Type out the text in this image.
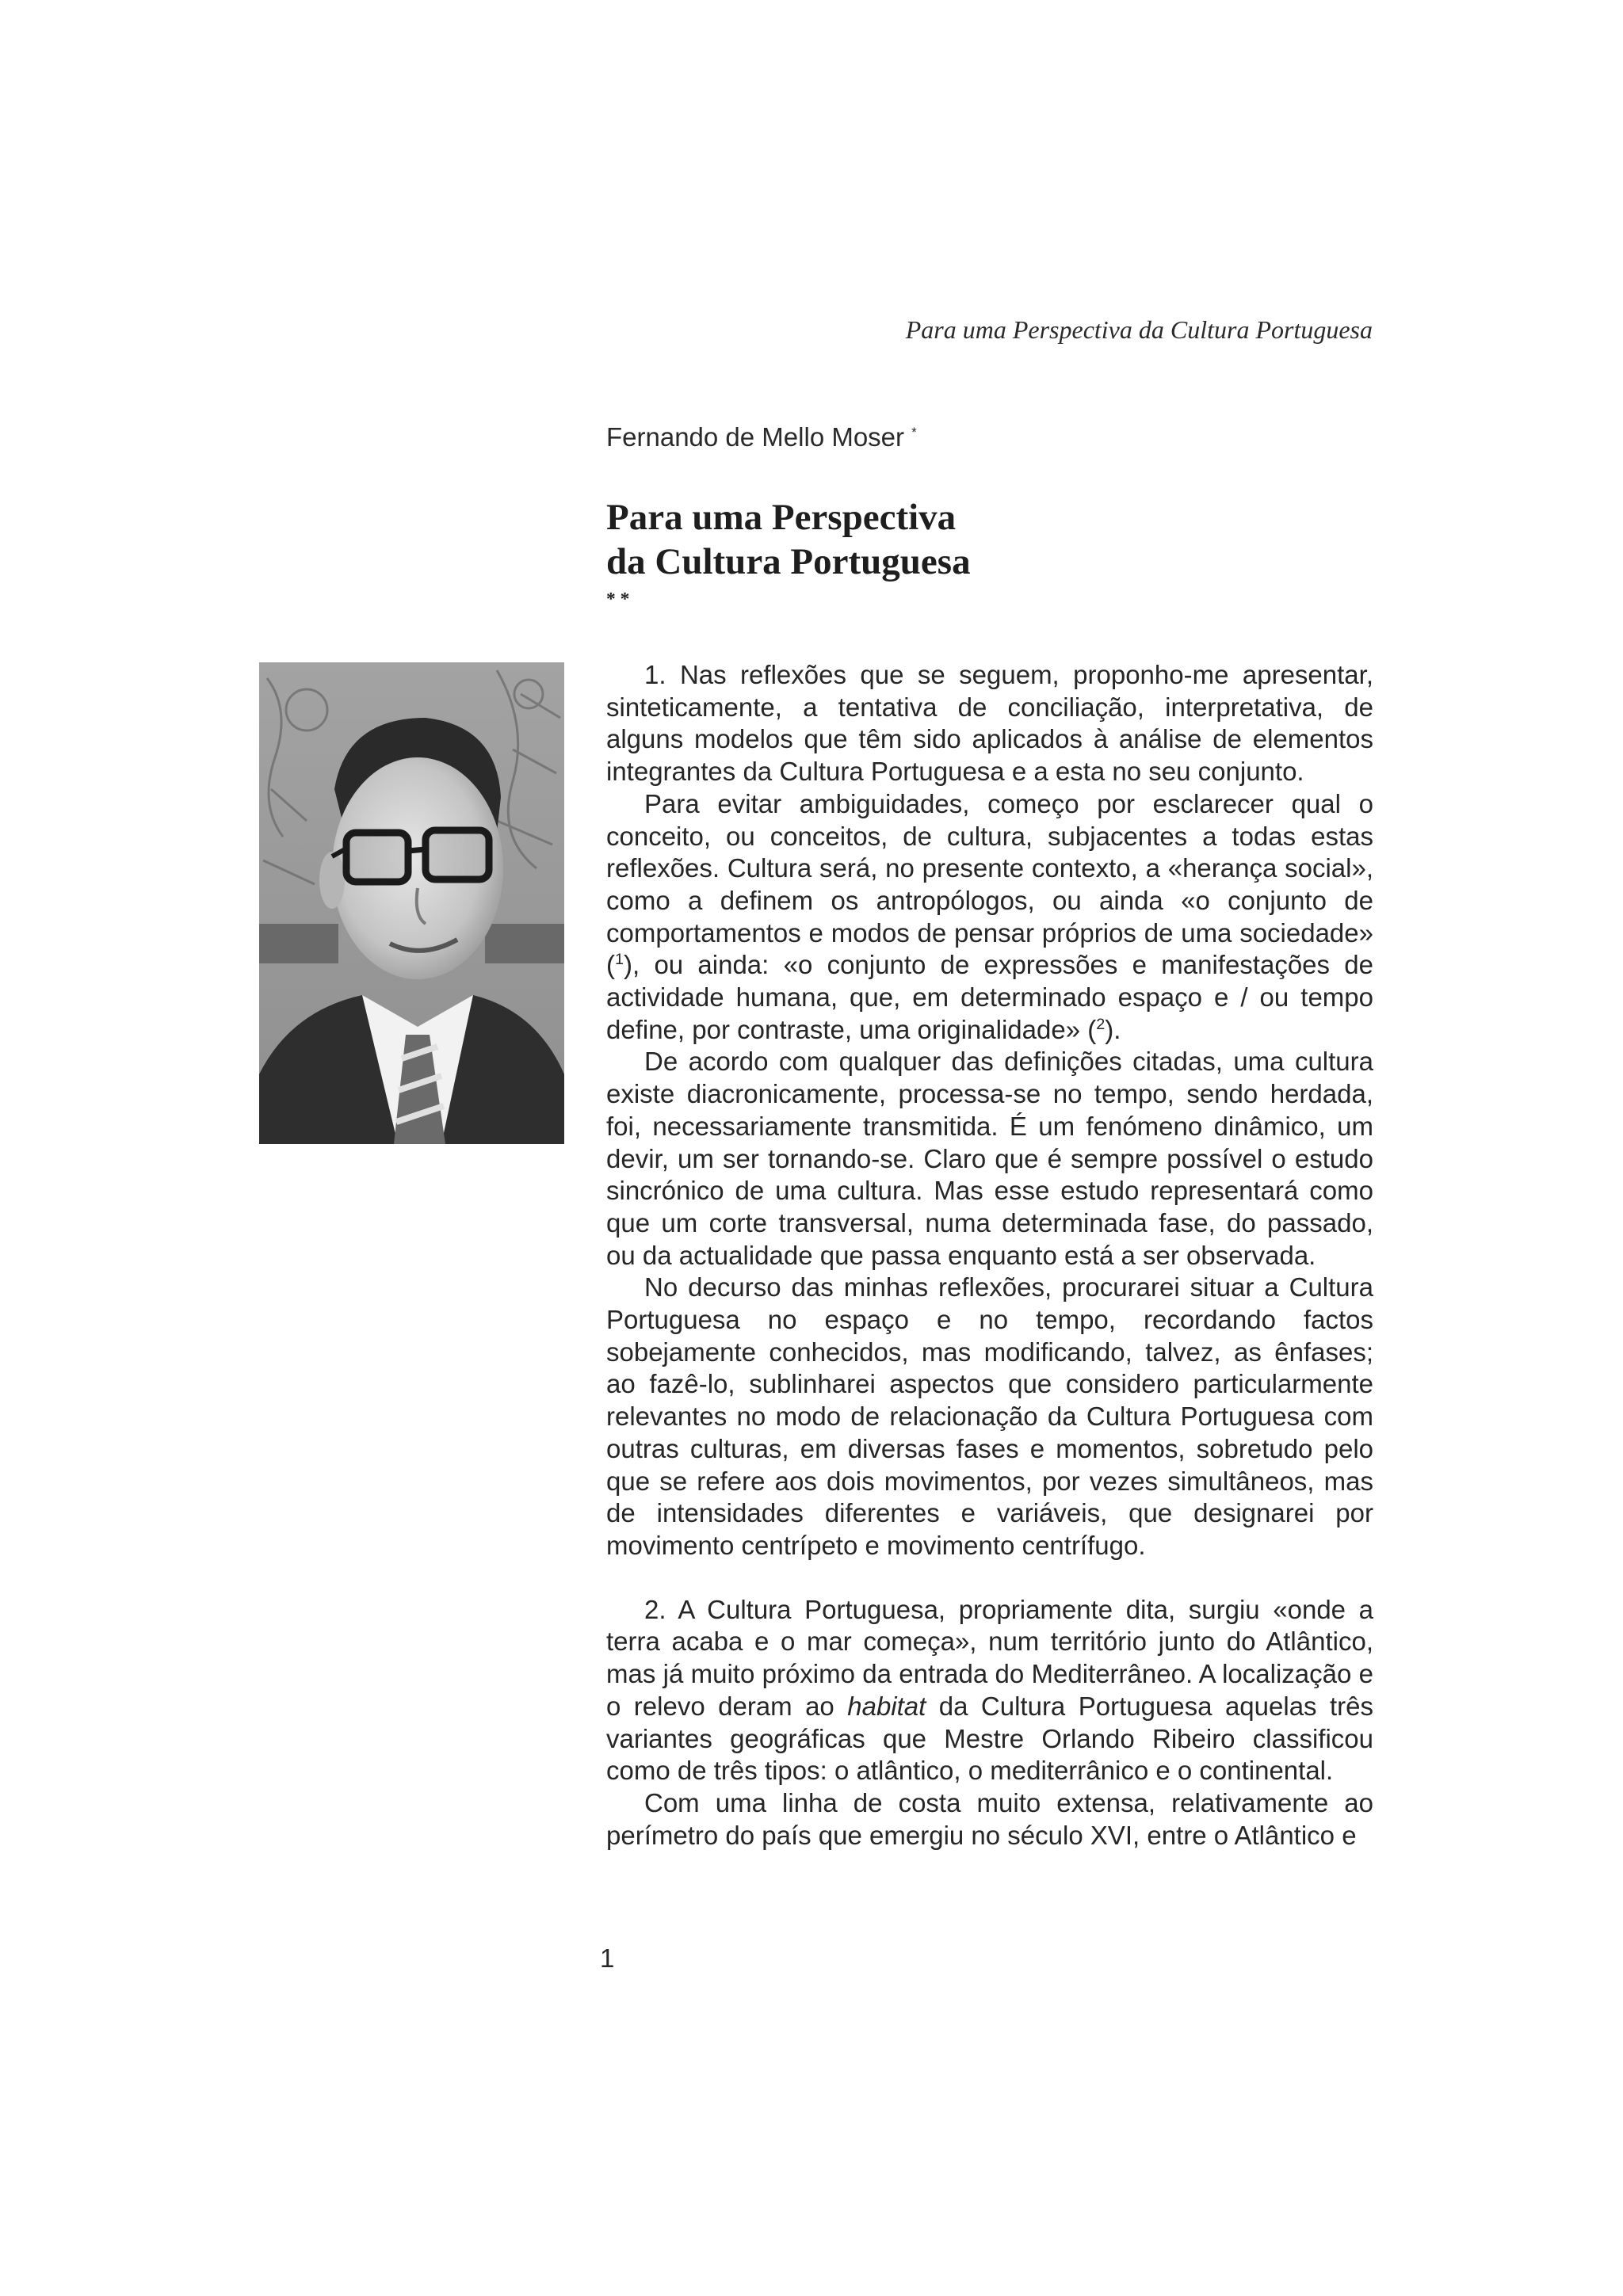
Para uma Perspectiva da Cultura Portuguesa
Fernando de Mello Moser *
Para uma Perspectiva
da Cultura Portuguesa
* *

1. Nas reflexões que se seguem, proponho-me apresentar, sinteticamente, a tentativa de conciliação, interpretativa, de alguns modelos que têm sido aplicados à análise de elementos integrantes da Cultura Portuguesa e a esta no seu conjunto.

Para evitar ambiguidades, começo por esclarecer qual o conceito, ou conceitos, de cultura, subjacentes a todas estas reflexões. Cultura será, no presente contexto, a «herança social», como a definem os antropólogos, ou ainda «o conjunto de comportamentos e modos de pensar próprios de uma sociedade» ($^1$), ou ainda: «o conjunto de expressões e manifestações de actividade humana, que, em determinado espaço e / ou tempo define, por contraste, uma originalidade» ($^2$).

De acordo com qualquer das definições citadas, uma cultura existe diacronicamente, processa-se no tempo, sendo herdada, foi, necessariamente transmitida. É um fenómeno dinâmico, um devir, um ser tornando-se. Claro que é sempre possível o estudo sincrónico de uma cultura. Mas esse estudo representará como que um corte transversal, numa determinada fase, do passado, ou da actualidade que passa enquanto está a ser observada.

No decurso das minhas reflexões, procurarei situar a Cultura Portuguesa no espaço e no tempo, recordando factos sobejamente conhecidos, mas modificando, talvez, as ênfases; ao fazê-lo, sublinharei aspectos que considero particularmente relevantes no modo de relacionação da Cultura Portuguesa com outras culturas, em diversas fases e momentos, sobretudo pelo que se refere aos dois movimentos, por vezes simultâneos, mas de intensidades diferentes e variáveis, que designarei por movimento centrípeto e movimento centrífugo.

2. A Cultura Portuguesa, propriamente dita, surgiu «onde a terra acaba e o mar começa», num território junto do Atlântico, mas já muito próximo da entrada do Mediterrâneo. A localização e o relevo deram ao habitat da Cultura Portuguesa aquelas três variantes geográficas que Mestre Orlando Ribeiro classificou como de três tipos: o atlântico, o mediterrânico e o continental.

Com uma linha de costa muito extensa, relativamente ao perímetro do país que emergiu no século XVI, entre o Atlântico e

1
